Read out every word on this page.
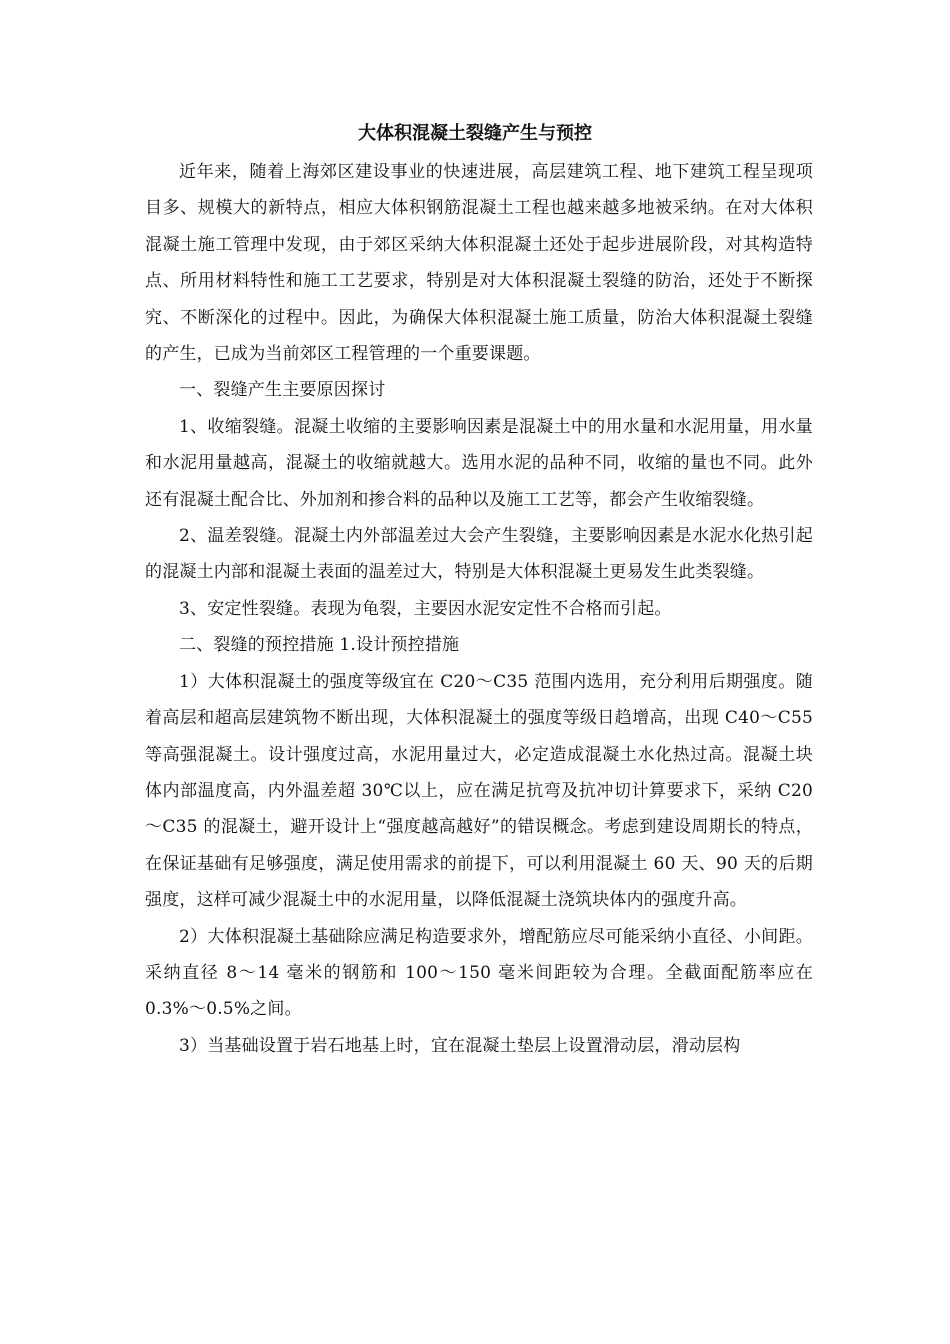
大体积混凝土裂缝产生与预控

近年来，随着上海郊区建设事业的快速进展，高层建筑工程、地下建筑工程呈现项目多、规模大的新特点，相应大体积钢筋混凝土工程也越来越多地被采纳。在对大体积混凝土施工管理中发现，由于郊区采纳大体积混凝土还处于起步进展阶段，对其构造特点、所用材料特性和施工工艺要求，特别是对大体积混凝土裂缝的防治，还处于不断探究、不断深化的过程中。因此，为确保大体积混凝土施工质量，防治大体积混凝土裂缝的产生，已成为当前郊区工程管理的一个重要课题。

一、裂缝产生主要原因探讨

1、收缩裂缝。混凝土收缩的主要影响因素是混凝土中的用水量和水泥用量，用水量和水泥用量越高，混凝土的收缩就越大。选用水泥的品种不同，收缩的量也不同。此外还有混凝土配合比、外加剂和掺合料的品种以及施工工艺等，都会产生收缩裂缝。

2、温差裂缝。混凝土内外部温差过大会产生裂缝，主要影响因素是水泥水化热引起的混凝土内部和混凝土表面的温差过大，特别是大体积混凝土更易发生此类裂缝。

3、安定性裂缝。表现为龟裂，主要因水泥安定性不合格而引起。

二、裂缝的预控措施 1.设计预控措施

1）大体积混凝土的强度等级宜在 C20～C35 范围内选用，充分利用后期强度。随着高层和超高层建筑物不断出现，大体积混凝土的强度等级日趋增高，出现 C40～C55 等高强混凝土。设计强度过高，水泥用量过大，必定造成混凝土水化热过高。混凝土块体内部温度高，内外温差超 30℃以上，应在满足抗弯及抗冲切计算要求下，采纳 C20～C35 的混凝土，避开设计上“强度越高越好”的错误概念。考虑到建设周期长的特点，在保证基础有足够强度，满足使用需求的前提下，可以利用混凝土 60 天、90 天的后期强度，这样可减少混凝土中的水泥用量，以降低混凝土浇筑块体内的强度升高。

2）大体积混凝土基础除应满足构造要求外，增配筋应尽可能采纳小直径、小间距。采纳直径 8～14 毫米的钢筋和 100～150 毫米间距较为合理。全截面配筋率应在 0.3%～0.5%之间。

3）当基础设置于岩石地基上时，宜在混凝土垫层上设置滑动层，滑动层构
